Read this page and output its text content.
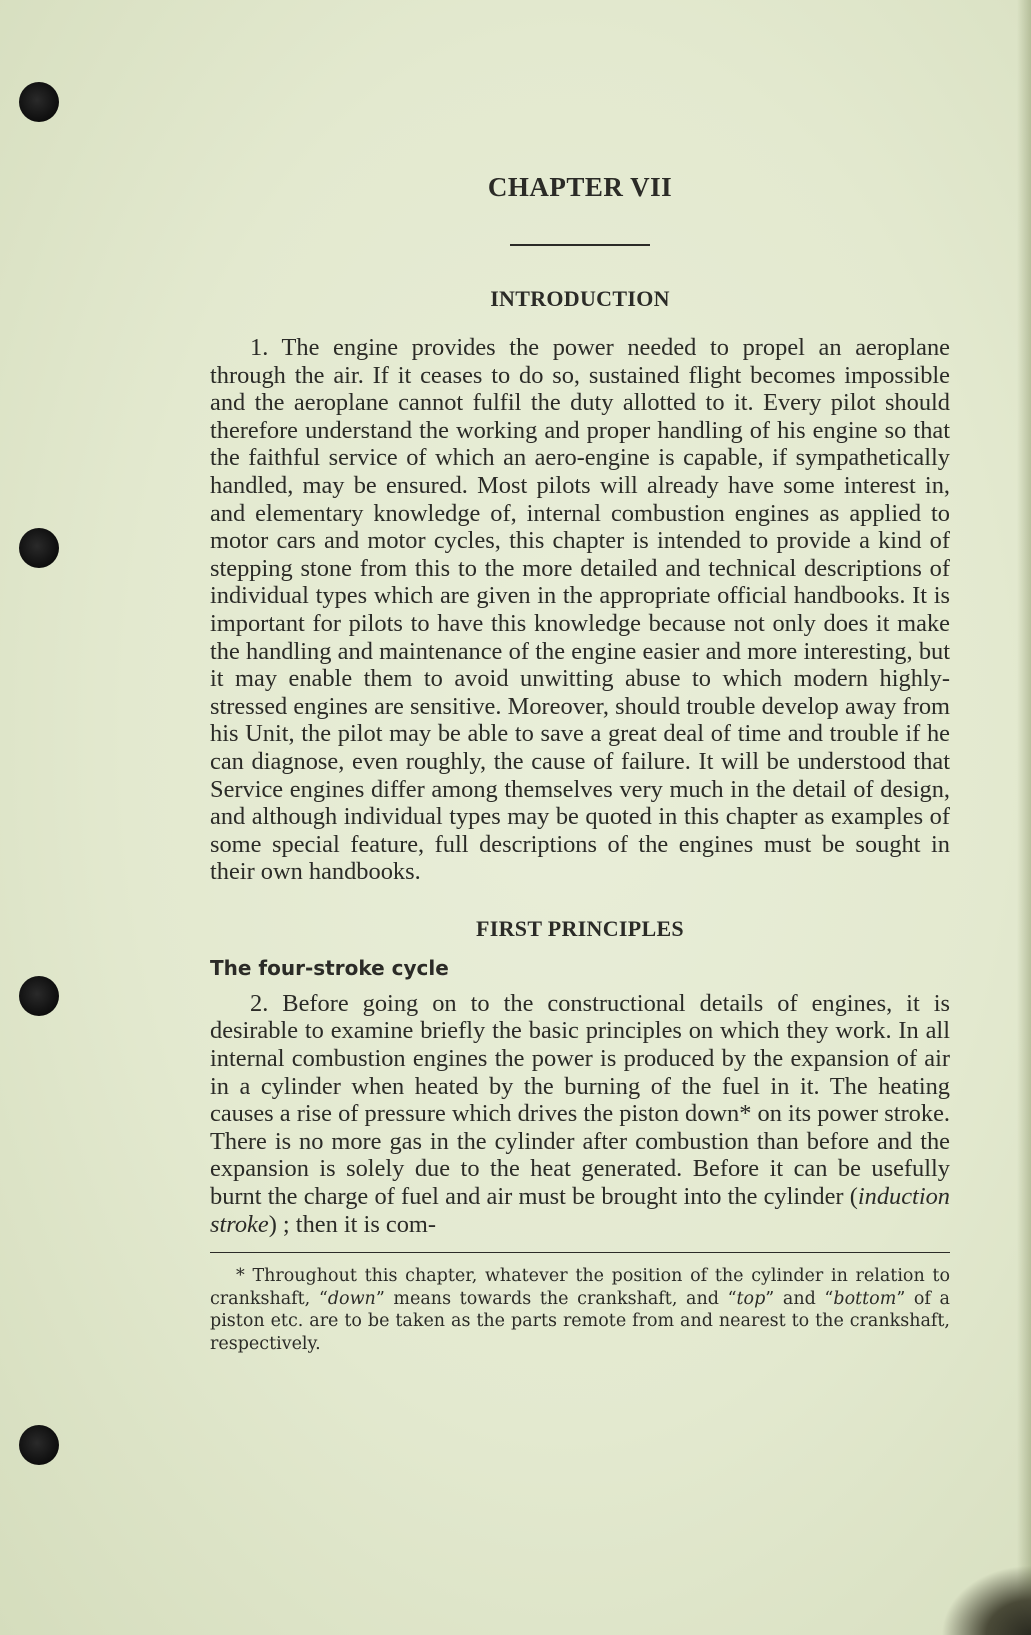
CHAPTER VII
INTRODUCTION

1. The engine provides the power needed to propel an aeroplane through the air. If it ceases to do so, sustained flight becomes impossible and the aeroplane cannot fulfil the duty allotted to it. Every pilot should therefore understand the working and proper handling of his engine so that the faithful service of which an aero-engine is capable, if sympathetically handled, may be ensured. Most pilots will already have some interest in, and elementary knowledge of, internal combustion engines as applied to motor cars and motor cycles, this chapter is intended to provide a kind of stepping stone from this to the more detailed and technical descriptions of individual types which are given in the appropriate official handbooks. It is important for pilots to have this knowledge because not only does it make the handling and maintenance of the engine easier and more interesting, but it may enable them to avoid unwitting abuse to which modern highly-stressed engines are sensitive. Moreover, should trouble develop away from his Unit, the pilot may be able to save a great deal of time and trouble if he can diagnose, even roughly, the cause of failure. It will be understood that Service engines differ among themselves very much in the detail of design, and although individual types may be quoted in this chapter as examples of some special feature, full descriptions of the engines must be sought in their own handbooks.

FIRST PRINCIPLES
The four-stroke cycle

2. Before going on to the constructional details of engines, it is desirable to examine briefly the basic principles on which they work. In all internal combustion engines the power is produced by the expansion of air in a cylinder when heated by the burning of the fuel in it. The heating causes a rise of pressure which drives the piston down* on its power stroke. There is no more gas in the cylinder after combustion than before and the expansion is solely due to the heat generated. Before it can be usefully burnt the charge of fuel and air must be brought into the cylinder (induction stroke) ; then it is com-

* Throughout this chapter, whatever the position of the cylinder in relation to crankshaft, “down” means towards the crankshaft, and “top” and “bottom” of a piston etc. are to be taken as the parts remote from and nearest to the crankshaft, respectively.
